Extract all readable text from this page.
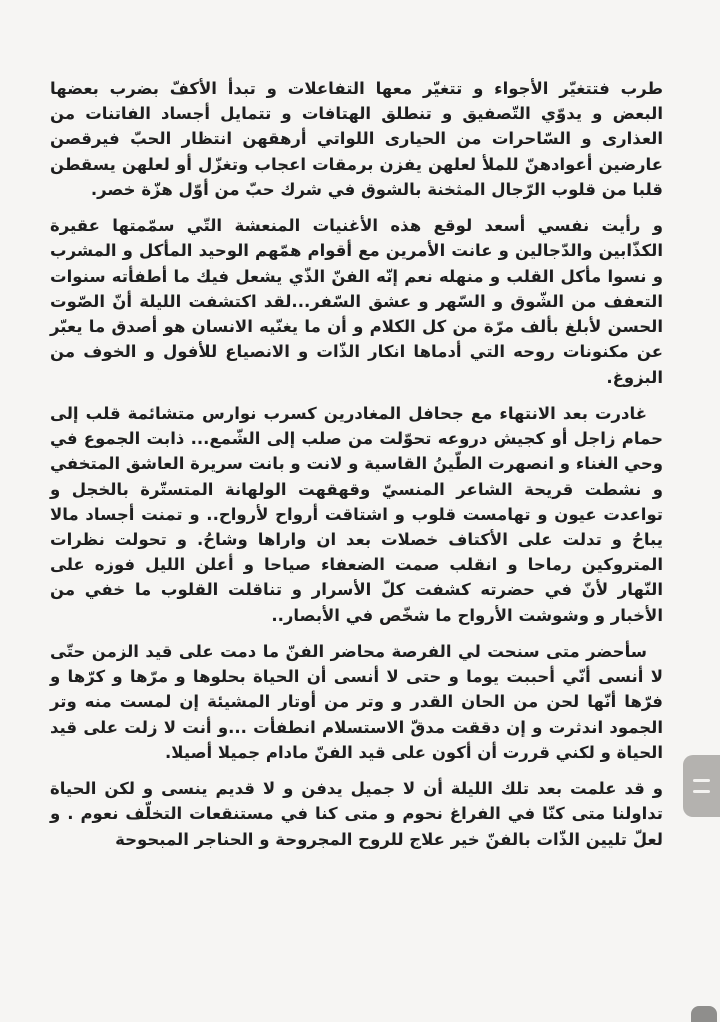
طرب فتتغيّر الأجواء و تتغيّر معها التفاعلات و تبدأ الأكفّ بضرب بعضها البعض و يدوّي التّصفيق و تنطلق الهتافات و تتمايل أجساد الفاتنات من العذارى و السّاحرات من الحيارى اللواتي أرهقهن انتظار الحبّ فيرقصن عارضين أعوادهنّ للملأ لعلهن يفزن برمقات اعجاب وتغزّل أو لعلهن يسقطن قلبا من قلوب الرّجال المثخنة بالشوق في شرك حبّ من أوّل هزّة خصر.

و رأيت نفسي أسعد لوقع هذه الأغنيات المنعشة التّي سمّمتها عقيرة الكذّابين والدّجالين و عانت الأمرين مع أقوام همّهم الوحيد المأكل و المشرب و نسوا مأكل القلب و منهله نعم إنّه الفنّ الذّي يشعل فيك ما أطفأته سنوات التعفف من الشّوق و السّهر و عشق السّفر...لقد اكتشفت الليلة أنّ الصّوت الحسن لأبلغ بألف مرّة من كل الكلام و أن ما يغنّيه الانسان هو أصدق ما يعبّر عن مكنونات روحه التي أدماها انكار الذّات و الانصياع للأفول و الخوف من البزوغ.

غادرت بعد الانتهاء مع جحافل المغادرين كسرب نوارس متشائمة قلب إلى حمام زاجل أو كجيش دروعه تحوّلت من صلب إلى الشّمع... ذابت الجموع في وحي الغناء و انصهرت الطّينُ القاسية و لانت و بانت سريرة العاشق المتخفي و نشطت قريحة الشاعر المنسيّ وقهقهت الولهانة المتستّرة بالخجل و تواعدت عيون و تهامست قلوب و اشتاقت أرواح لأرواح.. و تمنت أجساد مالا يباحُ و تدلت على الأكتاف خصلات بعد ان واراها وشاحُ. و تحولت نظرات المتروكين رماحا و انقلب صمت الضعفاء صياحا و أعلن الليل فوزه على النّهار لأنّ في حضرته كشفت كلّ الأسرار و تناقلت القلوب ما خفي من الأخبار و وشوشت الأرواح ما شخّص في الأبصار..

سأحضر متى سنحت لي الفرصة محاضر الفنّ ما دمت على قيد الزمن حتّى لا أنسى أنّي أحببت يوما و حتى لا أنسى أن الحياة بحلوها و مرّها و كرّها و فرّها أنّها لحن من الحان القدر و وتر من أوتار المشيئة إن لمست منه وتر الجمود اندثرت و إن دققت مدقّ الاستسلام انطفأت ...و أنت لا زلت على قيد الحياة و لكني قررت أن أكون على قيد الفنّ مادام جميلا أصيلا.

و قد علمت بعد تلك الليلة أن لا جميل يدفن و لا قديم ينسى و لكن الحياة تداولنا متى كنّا في الفراغ نحوم و متى كنا في مستنقعات التخلّف نعوم . و لعلّ تليين الذّات بالفنّ خير علاج للروح المجروحة و الحناجر المبحوحة
